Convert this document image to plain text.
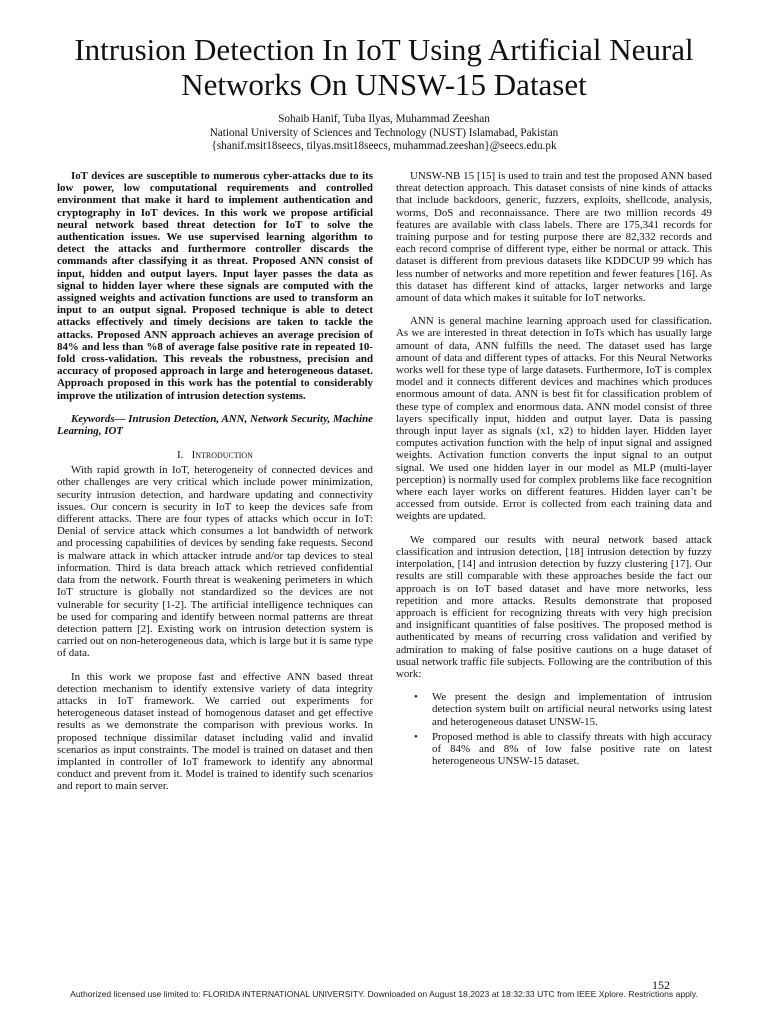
Intrusion Detection In IoT Using Artificial Neural Networks On UNSW-15 Dataset
Sohaib Hanif, Tuba Ilyas, Muhammad Zeeshan
National University of Sciences and Technology (NUST) Islamabad, Pakistan
{shanif.msit18seecs, tilyas.msit18seecs, muhammad.zeeshan}@seecs.edu.pk

IoT devices are susceptible to numerous cyber-attacks due to its low power, low computational requirements and controlled environment that make it hard to implement authentication and cryptography in IoT devices. In this work we propose artificial neural network based threat detection for IoT to solve the authentication issues. We use supervised learning algorithm to detect the attacks and furthermore controller discards the commands after classifying it as threat. Proposed ANN consist of input, hidden and output layers. Input layer passes the data as signal to hidden layer where these signals are computed with the assigned weights and activation functions are used to transform an input to an output signal. Proposed technique is able to detect attacks effectively and timely decisions are taken to tackle the attacks. Proposed ANN approach achieves an average precision of 84% and less than %8 of average false positive rate in repeated 10-fold cross-validation. This reveals the robustness, precision and accuracy of proposed approach in large and heterogeneous dataset. Approach proposed in this work has the potential to considerably improve the utilization of intrusion detection systems.

Keywords— Intrusion Detection, ANN, Network Security, Machine Learning, IOT

I. Introduction

With rapid growth in IoT, heterogeneity of connected devices and other challenges are very critical which include power minimization, security intrusion detection, and hardware updating and connectivity issues. Our concern is security in IoT to keep the devices safe from different attacks. There are four types of attacks which occur in IoT: Denial of service attack which consumes a lot bandwidth of network and processing capabilities of devices by sending fake requests. Second is malware attack in which attacker intrude and/or tap devices to steal information. Third is data breach attack which retrieved confidential data from the network. Fourth threat is weakening perimeters in which IoT structure is globally not standardized so the devices are not vulnerable for security [1-2]. The artificial intelligence techniques can be used for comparing and identify between normal patterns are threat detection pattern [2]. Existing work on intrusion detection system is carried out on non-heterogeneous data, which is large but it is same type of data.

In this work we propose fast and effective ANN based threat detection mechanism to identify extensive variety of data integrity attacks in IoT framework. We carried out experiments for heterogeneous dataset instead of homogenous dataset and get effective results as we demonstrate the comparison with previous works. In proposed technique dissimilar dataset including valid and invalid scenarios as input constraints. The model is trained on dataset and then implanted in controller of IoT framework to identify any abnormal conduct and prevent from it. Model is trained to identify such scenarios and report to main server.

UNSW-NB 15 [15] is used to train and test the proposed ANN based threat detection approach. This dataset consists of nine kinds of attacks that include backdoors, generic, fuzzers, exploits, shellcode, analysis, worms, DoS and reconnaissance. There are two million records 49 features are available with class labels. There are 175,341 records for training purpose and for testing purpose there are 82,332 records and each record comprise of different type, either be normal or attack. This dataset is different from previous datasets like KDDCUP 99 which has less number of networks and more repetition and fewer features [16]. As this dataset has different kind of attacks, larger networks and large amount of data which makes it suitable for IoT networks.

ANN is general machine learning approach used for classification. As we are interested in threat detection in IoTs which has usually large amount of data, ANN fulfills the need. The dataset used has large amount of data and different types of attacks. For this Neural Networks works well for these type of large datasets. Furthermore, IoT is complex model and it connects different devices and machines which produces enormous amount of data. ANN is best fit for classification problem of these type of complex and enormous data. ANN model consist of three layers specifically input, hidden and output layer. Data is passing through input layer as signals (x1, x2) to hidden layer. Hidden layer computes activation function with the help of input signal and assigned weights. Activation function converts the input signal to an output signal. We used one hidden layer in our model as MLP (multi-layer perception) is normally used for complex problems like face recognition where each layer works on different features. Hidden layer can’t be accessed from outside. Error is collected from each training data and weights are updated.

We compared our results with neural network based attack classification and intrusion detection, [18] intrusion detection by fuzzy interpolation, [14] and intrusion detection by fuzzy clustering [17]. Our results are still comparable with these approaches beside the fact our approach is on IoT based dataset and have more networks, less repetition and more attacks. Results demonstrate that proposed approach is efficient for recognizing threats with very high precision and insignificant quantities of false positives. The proposed method is authenticated by means of recurring cross validation and verified by admiration to making of false positive cautions on a huge dataset of usual network traffic file subjects. Following are the contribution of this work:

• We present the design and implementation of intrusion detection system built on artificial neural networks using latest and heterogeneous dataset UNSW-15.
• Proposed method is able to classify threats with high accuracy of 84% and 8% of low false positive rate on latest heterogeneous UNSW-15 dataset.
152
Authorized licensed use limited to: FLORIDA INTERNATIONAL UNIVERSITY. Downloaded on August 18,2023 at 18:32:33 UTC from IEEE Xplore. Restrictions apply.
